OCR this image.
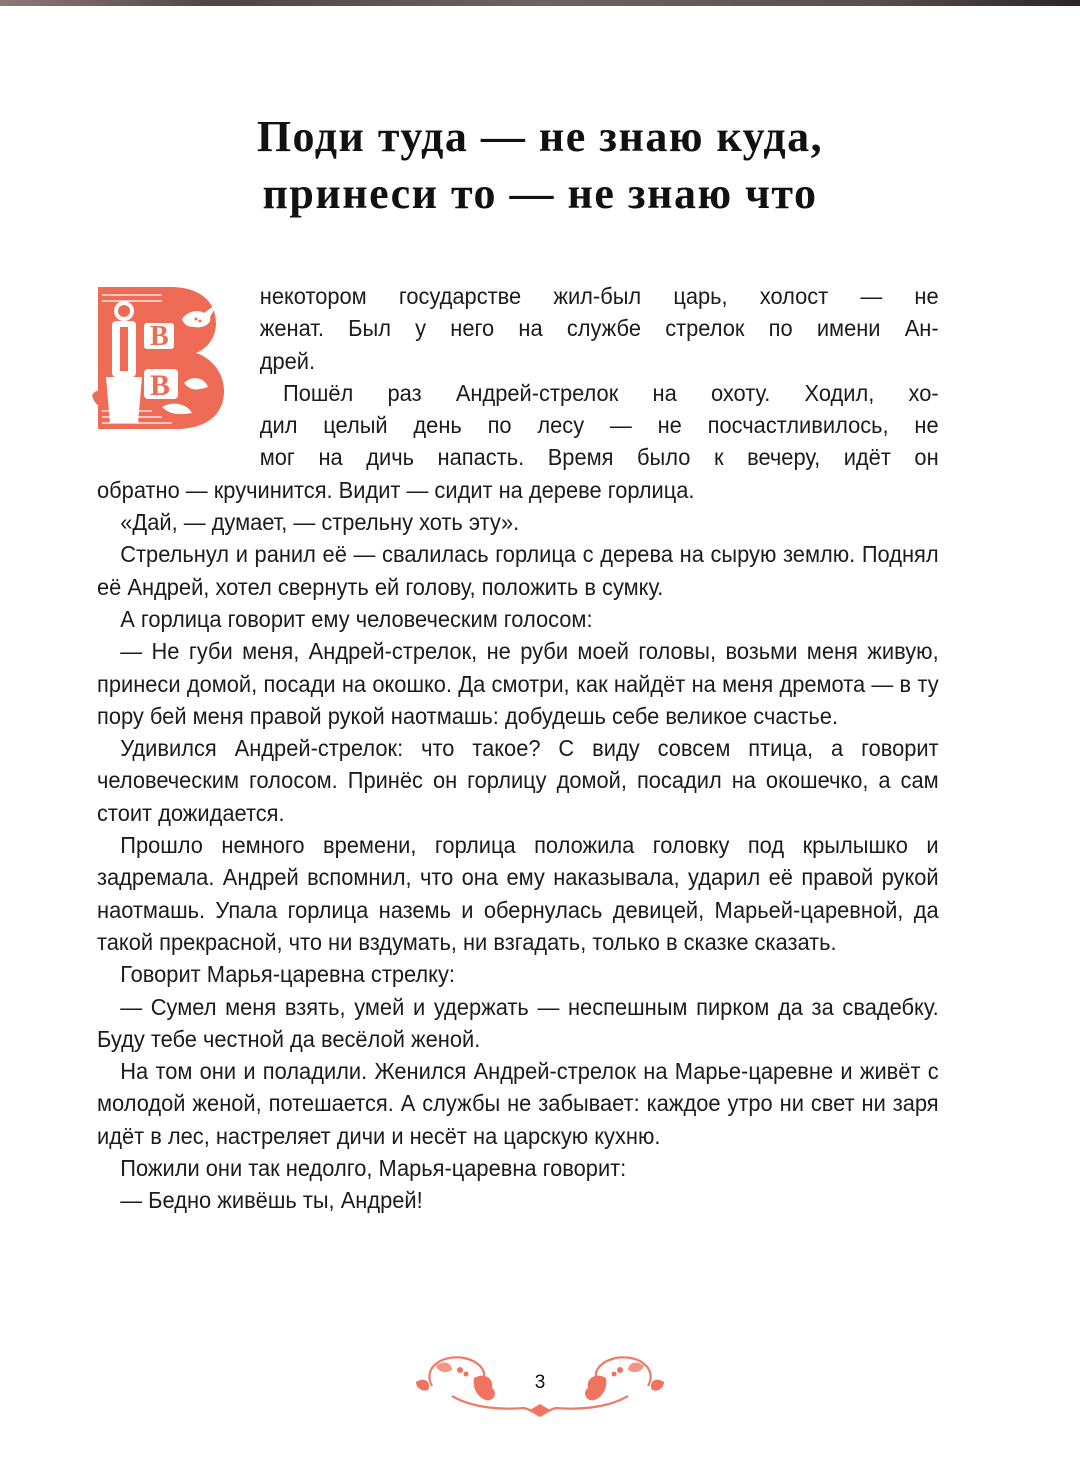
Поди туда — не знаю куда,
принеси то — не знаю что
В
В

некотором государстве жил-был царь, холост — не

женат. Был у него на службе стрелок по имени Ан-

дрей.

Пошёл раз Андрей-стрелок на охоту. Ходил, хо-

дил целый день по лесу — не посчастливилось, не

мог на дичь напасть. Время было к вечеру, идёт он

обратно — кручинится. Видит — сидит на дереве горлица.

«Дай, — думает, — стрельну хоть эту».

Стрельнул и ранил её — свалилась горлица с дерева на сырую землю. Поднял её Андрей, хотел свернуть ей голову, положить в сумку.

А горлица говорит ему человеческим голосом:

— Не губи меня, Андрей-стрелок, не руби моей головы, возьми меня живую, принеси домой, посади на окошко. Да смотри, как найдёт на меня дремота — в ту пору бей меня правой рукой наотмашь: добудешь себе великое счастье.

Удивился Андрей-стрелок: что такое? С виду совсем птица, а говорит человеческим голосом. Принёс он горлицу домой, посадил на окошечко, а сам стоит дожидается.

Прошло немного времени, горлица положила головку под крылышко и задремала. Андрей вспомнил, что она ему наказывала, ударил её правой рукой наотмашь. Упала горлица наземь и обернулась девицей, Марьей-царевной, да такой прекрасной, что ни вздумать, ни взгадать, только в сказке сказать.

Говорит Марья-царевна стрелку:

— Сумел меня взять, умей и удержать — неспешным пирком да за свадебку. Буду тебе честной да весёлой женой.

На том они и поладили. Женился Андрей-стрелок на Марье-царевне и живёт с молодой женой, потешается. А службы не забывает: каждое утро ни свет ни заря идёт в лес, настреляет дичи и несёт на царскую кухню.

Пожили они так недолго, Марья-царевна говорит:

— Бедно живёшь ты, Андрей!

3
